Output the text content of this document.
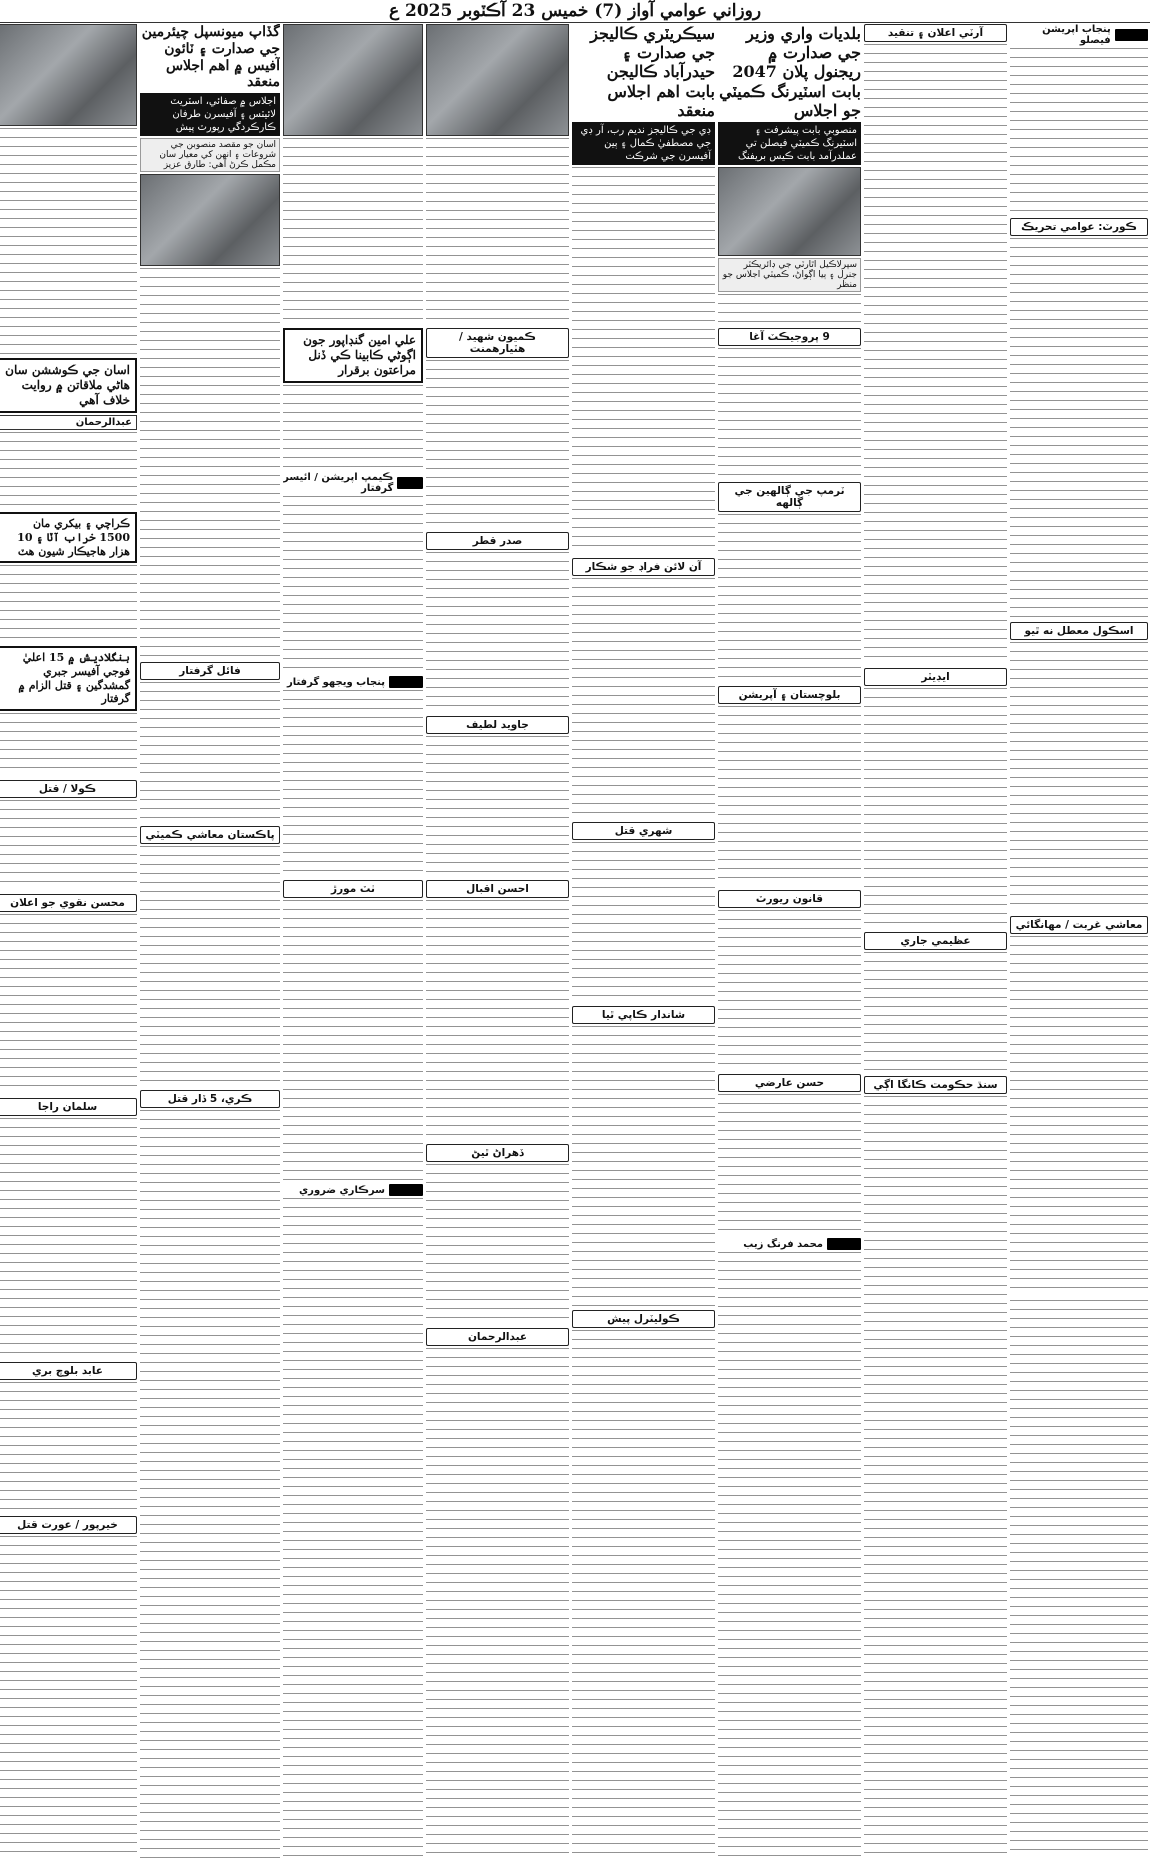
روزاني عوامي آواز (7) خميس 23 آڪٽوبر 2025 ع
پنجاب آپريشن فيصلو
ڪورٽ: عوامي تحريڪ
اسڪول معطل نه ٿيو
معاشي غربت / مهانگائي
آرٽي اعلان ۽ تنقيد
ايڊيٽر
عظيمي جاري
سنڌ حڪومت ڪانگا اڳي
بلديات واري وزير جي صدارت ۾ ريجنول پلان 2047 بابت اسٽيرنگ ڪميٽي جو اجلاس
منصوبي بابت پيشرفت ۽ اسٽيرنگ ڪميٽي فيصلن تي عملدرآمد بابت ڪيس بريفنگ
سپرلاڪيل اٿارٽي جي ڊائريڪٽر جنرل ۽ ٻيا اڳواڻ، ڪميٽي اجلاس جو منظر
9 پروجيڪٽ آغا
ٽرمپ جي ڳالهين جي ڳالهه
بلوچستان ۽ آپريشن
قانون ريورٽ
حسن عارضي
محمد فرنگ زيب
سيڪريٽري ڪاليجز جي صدارت ۽ حيدرآباد ڪاليجن بابت اهم اجلاس منعقد
ڊي جي ڪاليجز نديم رب، آر ڊي جي مصطفيٰ ڪمال ۽ ٻين آفيسرن جي شرڪت
آن لائن فراڊ جو شڪار
شهري قتل
شاندار ڪاپي ٿيا
ڪوليٽرل پيش
ڪميون شهيد / هٽيارهمنت
صدر قطر
جاويد لطيف
احسن اقبال
ڏهراڻ ٿيڻ
عبدالرحمان
علي امين گنڊاپور جون اڳوڻي ڪابينا ڪي ڏنل مراعتون برقرار
ڪيمپ آپريشن / آئيسر گرفتار
پنجاب ويجهو گرفتار
ٺٽ مورڙ
سرڪاري ضروري
گڏاپ ميونسپل چيئرمين جي صدارت ۽ ٽائون آفيس ۾ اهم اجلاس منعقد
اجلاس ۾ صفائي، اسٽريٽ لائيٽس ۽ آفيسرن طرفان ڪارڪردگي رپورٽ پيش
اسان جو مقصد منصوبن جي شروعات ۽ انهن کي معيار سان مڪمل ڪرڻ آهي: طارق عزيز
فائل گرفتار
پاڪستان معاشي ڪميٽي
ڪري، 5 ڏار قتل
اسان جي ڪوششن سان هاڻي ملاقاتن ۾ روايت خلاف آهي
عبدالرحمان
ڪراچي ۽ بيکري مان 1500 خراب آٽا ۽ 10 هزار هاجيڪار شيون هٽ
بنگلاديش ۾ 15 اعليٰ فوجي آفيسر جبري گمشدگين ۽ قتل الزام ۾ گرفتار
ڪولا / قتل
محسن نقوي جو اعلان
سلمان راجا
عابد بلوچ بري
خيرپور / عورت قتل
